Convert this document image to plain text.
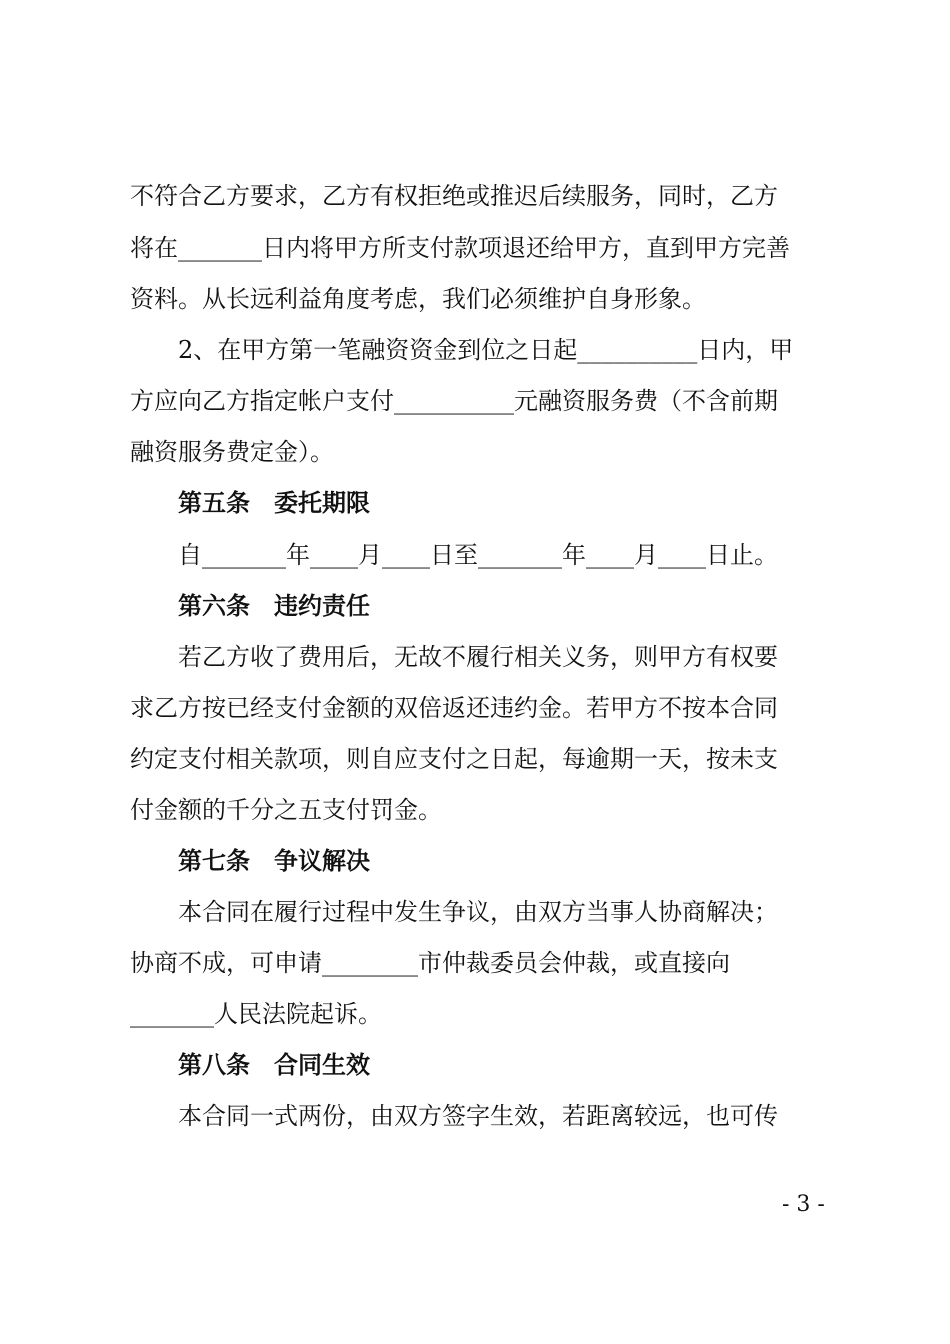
不符合乙方要求，乙方有权拒绝或推迟后续服务，同时，乙方
将在_______日内将甲方所支付款项退还给甲方，直到甲方完善
资料。从长远利益角度考虑，我们必须维护自身形象。
2、在甲方第一笔融资资金到位之日起__________日内，甲
方应向乙方指定帐户支付__________元融资服务费（不含前期
融资服务费定金）。
第五条　委托期限
自_______年____月____日至_______年____月____日止。
第六条　违约责任
若乙方收了费用后，无故不履行相关义务，则甲方有权要
求乙方按已经支付金额的双倍返还违约金。若甲方不按本合同
约定支付相关款项，则自应支付之日起，每逾期一天，按未支
付金额的千分之五支付罚金。
第七条　争议解决
本合同在履行过程中发生争议，由双方当事人协商解决；
协商不成，可申请________市仲裁委员会仲裁，或直接向
_______人民法院起诉。
第八条　合同生效
本合同一式两份，由双方签字生效，若距离较远，也可传
- 3 -
